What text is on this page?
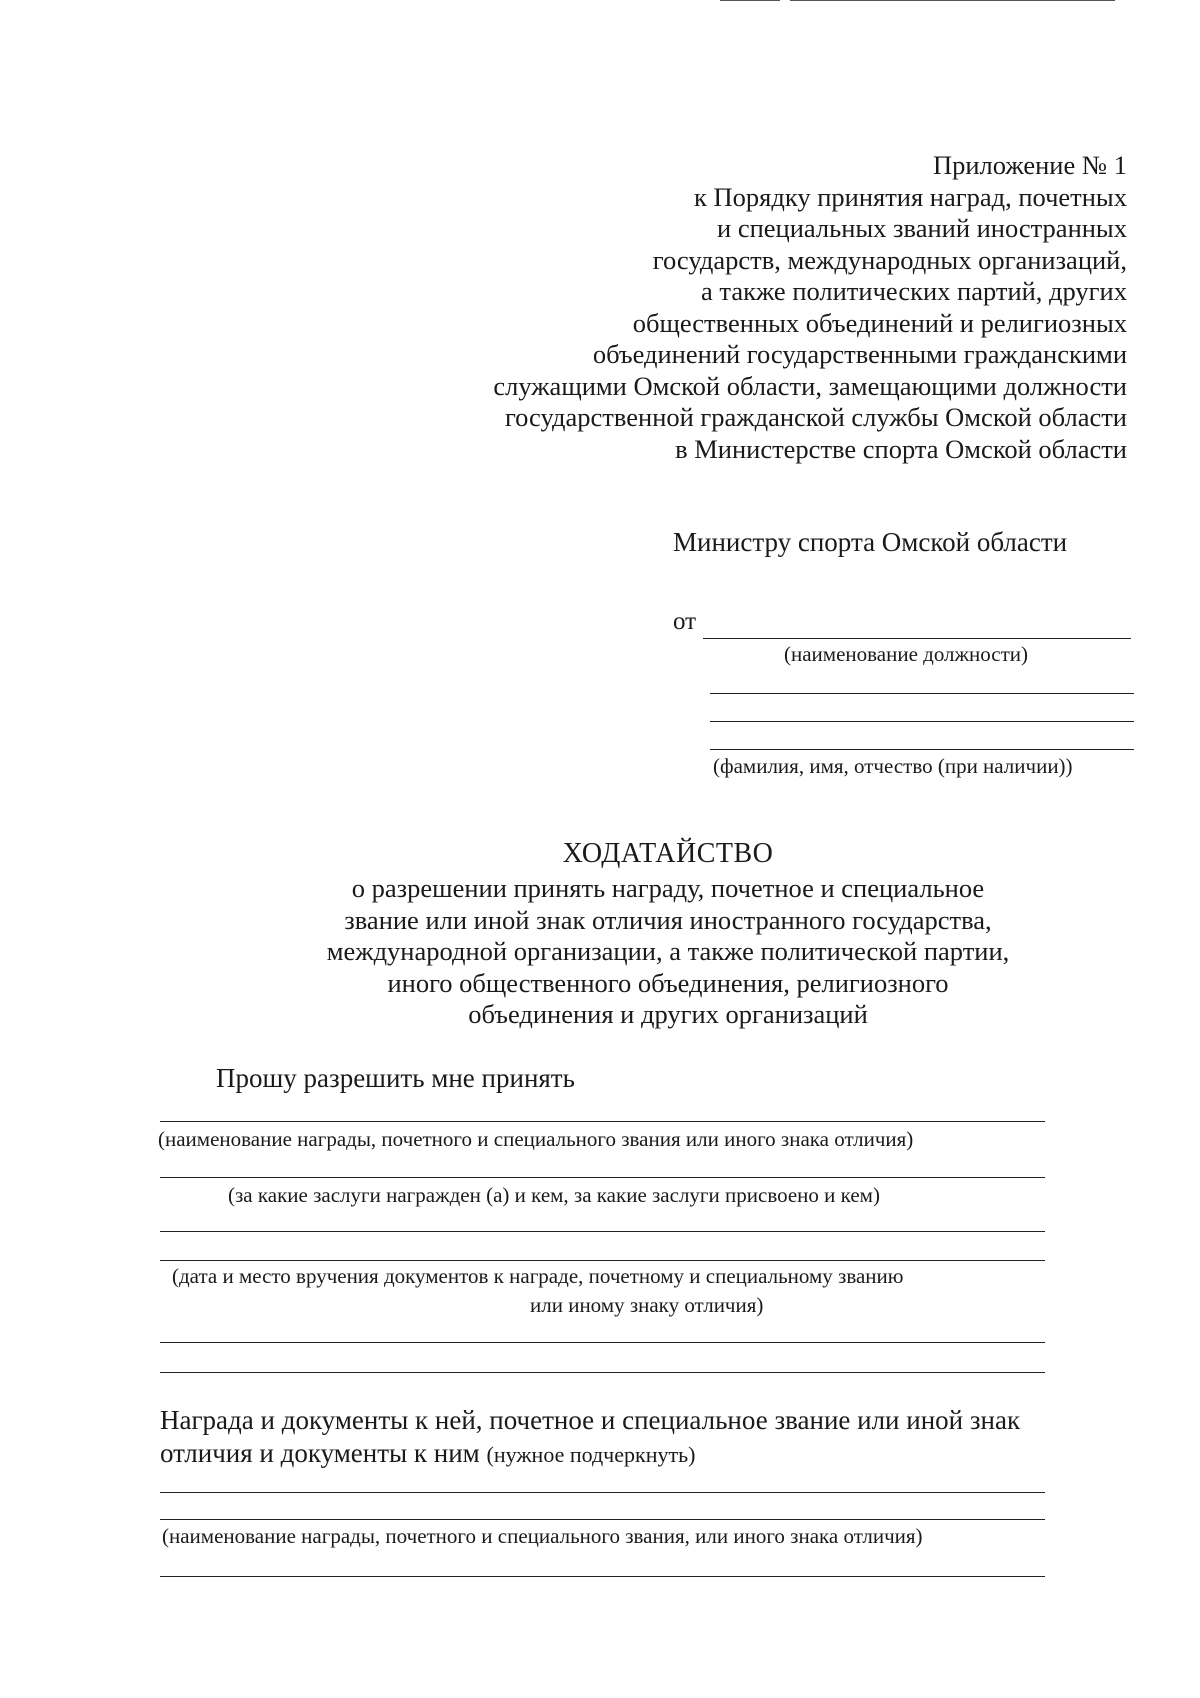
Приложение № 1
к Порядку принятия наград, почетных
и специальных званий иностранных
государств, международных организаций,
а также политических партий, других
общественных объединений и религиозных
объединений государственными гражданскими
служащими Омской области, замещающими должности
государственной гражданской службы Омской области
в Министерстве спорта Омской области
Министру спорта Омской области
от
(наименование должности)
(фамилия, имя, отчество (при наличии))
ХОДАТАЙСТВО
о разрешении принять награду, почетное и специальное
звание или иной знак отличия иностранного государства,
международной организации, а также политической партии,
иного общественного объединения, религиозного
объединения и других организаций
Прошу разрешить мне принять
(наименование награды, почетного и специального звания или иного знака отличия)
(за какие заслуги награжден (а) и кем, за какие заслуги присвоено и кем)
(дата и место вручения документов к награде, почетному и специальному званию
или иному знаку отличия)
Награда и документы к ней, почетное и специальное звание или иной знак
отличия и документы к ним (нужное подчеркнуть)
(наименование награды, почетного и специального звания, или иного знака отличия)
